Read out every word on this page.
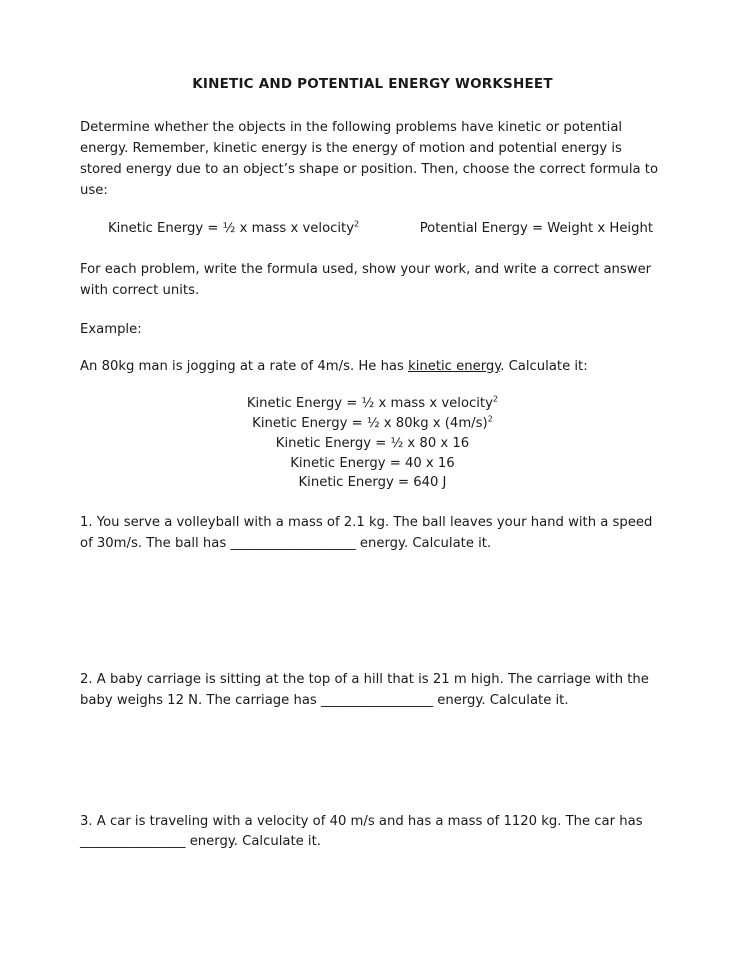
KINETIC AND POTENTIAL ENERGY WORKSHEET

Determine whether the objects in the following problems have kinetic or potential energy. Remember, kinetic energy is the energy of motion and potential energy is stored energy due to an object’s shape or position. Then, choose the correct formula to use:

Kinetic Energy = ½ x mass x velocity$^2$	Potential Energy = Weight x Height

For each problem, write the formula used, show your work, and write a correct answer with correct units.

Example:

An 80kg man is jogging at a rate of 4m/s. He has kinetic energy. Calculate it:

Kinetic Energy = ½ x mass x velocity$^2$
Kinetic Energy = ½ x 80kg x $(4m/s)^2$
Kinetic Energy = ½ x 80 x 16
Kinetic Energy = 40 x 16
Kinetic Energy = 640 J

1. You serve a volleyball with a mass of 2.1 kg. The ball leaves your hand with a speed of 30m/s. The ball has ___________________ energy. Calculate it.

2. A baby carriage is sitting at the top of a hill that is 21 m high. The carriage with the baby weighs 12 N. The carriage has _________________ energy. Calculate it.

3. A car is traveling with a velocity of 40 m/s and has a mass of 1120 kg. The car has ________________ energy. Calculate it.
